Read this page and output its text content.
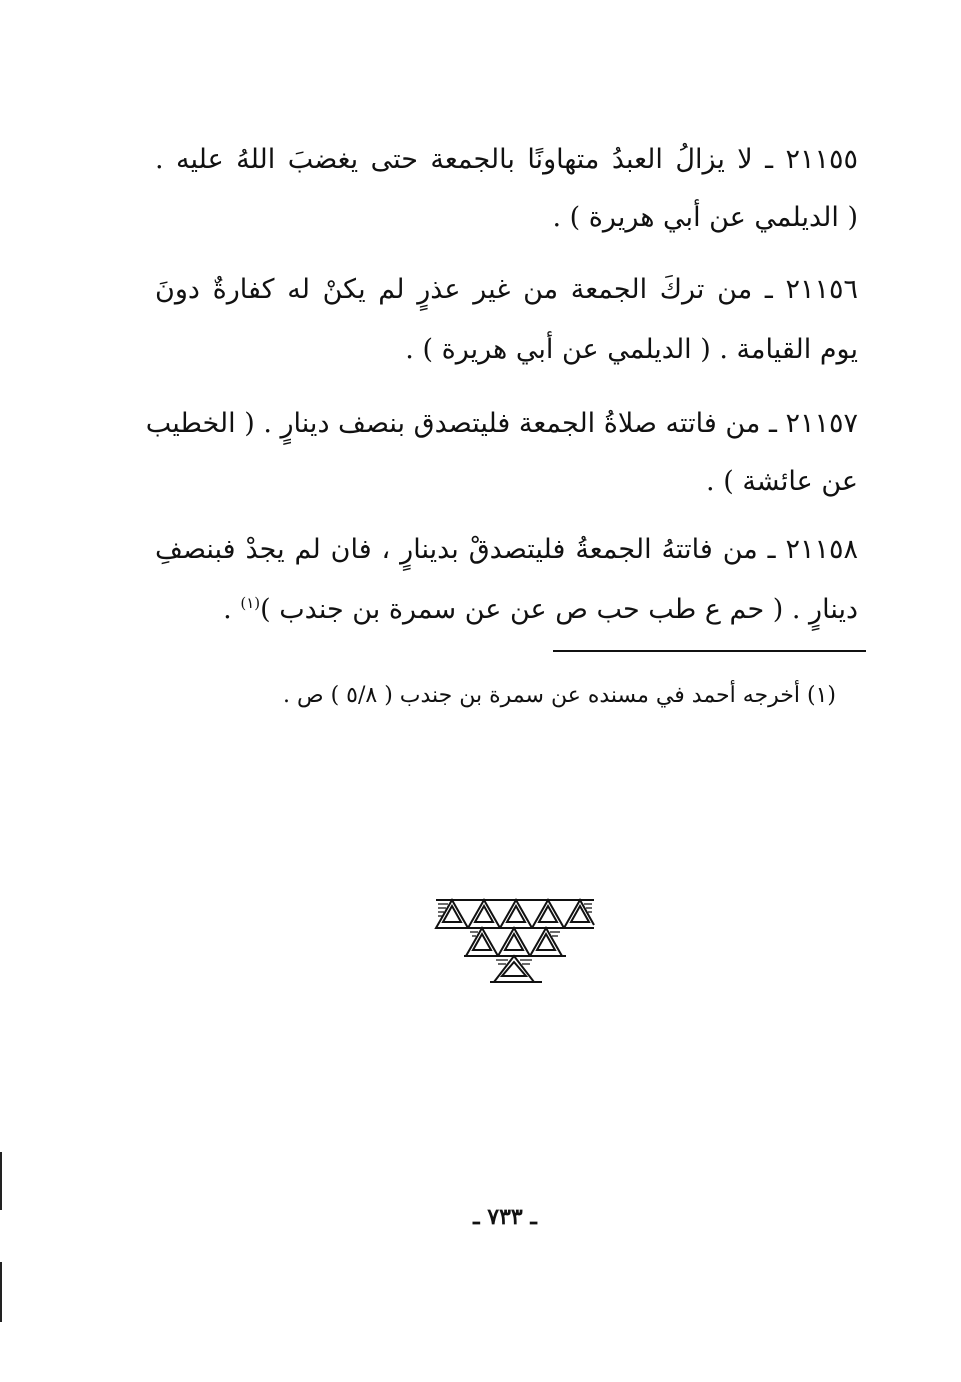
٢١١٥٥ ـ لا يزالُ العبدُ متهاونًا بالجمعة حتى يغضبَ اللهُ عليه .
( الديلمي عن أبي هريرة ) .
٢١١٥٦ ـ من تركَ الجمعة من غير عذرٍ لم يكنْ له كفارةٌ دونَ
يوم القيامة . ( الديلمي عن أبي هريرة ) .
٢١١٥٧ ـ من فاتته صلاةُ الجمعة فليتصدق بنصف دينارٍ . ( الخطيب
عن عائشة ) .
٢١١٥٨ ـ من فاتتهُ الجمعةُ فليتصدقْ بدينارٍ ، فان لم يجدْ فبنصفِ
دينارٍ . ( حم ع طب حب ص عن عن سمرة بن جندب )$^{(١)}$ .
(١) أخرجه أحمد في مسنده عن سمرة بن جندب ( ٥/٨ ) ص .
ـ ٧٣٣ ـ
